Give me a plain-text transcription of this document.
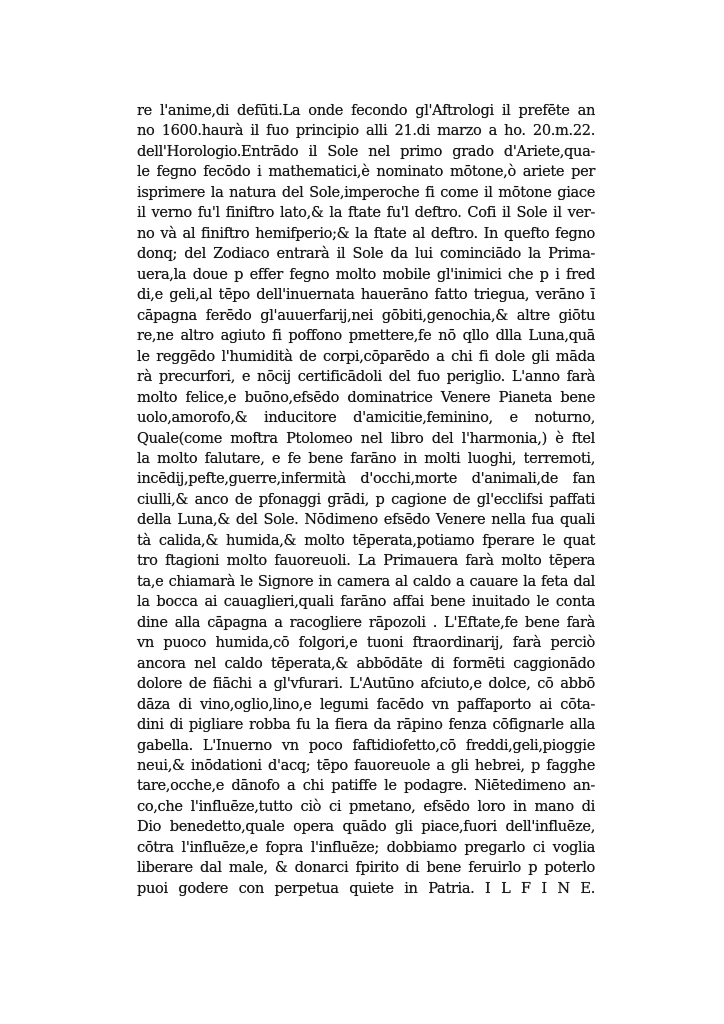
re l'anime,di defūti.La onde fecondo gl'Aftrologi il prefēte an
no 1600.haurà il fuo principio alli 21.di marzo a ho. 20.m.22.
dell'Horologio.Entrādo il Sole nel primo grado d'Ariete,qua-
le fegno fecōdo i mathematici,è nominato mōtone,ò ariete per
isprimere la natura del Sole,imperoche fi come il mōtone giace
il verno fu'l finiftro lato,& la ftate fu'l deftro. Cofi il Sole il ver-
no và al finiftro hemifperio;& la ftate al deftro. In quefto fegno
donq; del Zodiaco entrarà il Sole da lui cominciādo la Prima-
uera,la doue p effer fegno molto mobile gl'inimici che p i fred
di,e geli,al tēpo dell'inuernata hauerāno fatto triegua, verāno ī
cāpagna ferēdo gl'auuerfarij,nei gōbiti,genochia,& altre giōtu
re,ne altro agiuto fi poffono pmettere,fe nō qllo dlla Luna,quā
le reggēdo l'humidità de corpi,cōparēdo a chi fi dole gli māda
rà precurfori, e nōcij certificādoli del fuo periglio. L'anno farà
molto felice,e buōno,efsēdo dominatrice Venere Pianeta bene
uolo,amorofo,& inducitore d'amicitie,feminino, e noturno,
Quale(come moftra Ptolomeo nel libro del l'harmonia,) è ftel
la molto falutare, e fe bene farāno in molti luoghi, terremoti,
incēdij,pefte,guerre,infermità d'occhi,morte d'animali,de fan
ciulli,& anco de pfonaggi grādi, p cagione de gl'ecclifsi paffati
della Luna,& del Sole. Nōdimeno efsēdo Venere nella fua quali
tà calida,& humida,& molto tēperata,potiamo fperare le quat
tro ftagioni molto fauoreuoli. La Primauera farà molto tēpera
ta,e chiamarà le Signore in camera al caldo a cauare la feta dal
la bocca ai cauaglieri,quali farāno affai bene inuitado le conta
dine alla cāpagna a racogliere rāpozoli . L'Eftate,fe bene farà
vn puoco humida,cō folgori,e tuoni ftraordinarij, farà perciò
ancora nel caldo tēperata,& abbōdāte di formēti caggionādo
dolore de fiāchi a gl'vfurari. L'Autūno afciuto,e dolce, cō abbō
dāza di vino,oglio,lino,e legumi facēdo vn paffaporto ai cōta-
dini di pigliare robba fu la fiera da rāpino fenza cōfignarle alla
gabella. L'Inuerno vn poco faftidiofetto,cō freddi,geli,pioggie
neui,& inōdationi d'acq; tēpo fauoreuole a gli hebrei, p fagghe
tare,ocche,e dānofo a chi patiffe le podagre. Niētedimeno an-
co,che l'influēze,tutto ciò ci pmetano, efsēdo loro in mano di
Dio benedetto,quale opera quādo gli piace,fuori dell'influēze,
cōtra l'influēze,e fopra l'influēze; dobbiamo pregarlo ci voglia
liberare dal male, & donarci fpirito di bene feruirlo p poterlo
puoi godere con perpetua quiete in Patria. I L F I N E.
